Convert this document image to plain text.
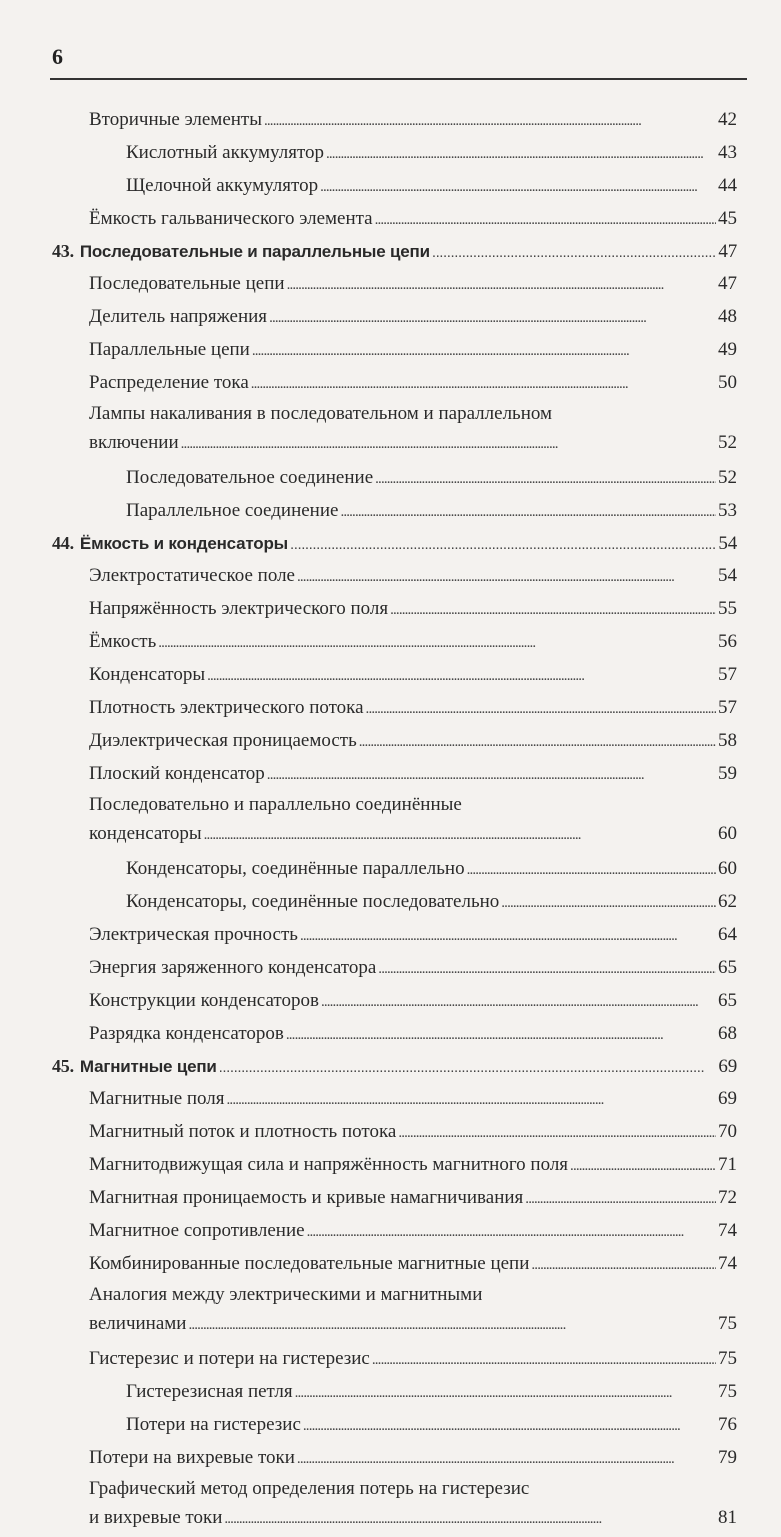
6
Вторичные элементы . . .	42
Кислотный аккумулятор . . .	43
Щелочной аккумулятор . . .	44
Ёмкость гальванического элемента . . .	45
43. Последовательные и параллельные цепи . . .	47
Последовательные цепи . . .	47
Делитель напряжения . . .	48
Параллельные цепи . . .	49
Распределение тока . . .	50
Лампы накаливания в последовательном и параллельном
включении . . .	52
Последовательное соединение . . .	52
Параллельное соединение . . .	53
44. Ёмкость и конденсаторы . . .	54
Электростатическое поле . . .	54
Напряжённость электрического поля . . .	55
Ёмкость . . .	56
Конденсаторы . . .	57
Плотность электрического потока . . .	57
Диэлектрическая проницаемость . . .	58
Плоский конденсатор . . .	59
Последовательно и параллельно соединённые
конденсаторы . . .	60
Конденсаторы, соединённые параллельно . . .	60
Конденсаторы, соединённые последовательно . . .	62
Электрическая прочность . . .	64
Энергия заряженного конденсатора . . .	65
Конструкции конденсаторов . . .	65
Разрядка конденсаторов . . .	68
45. Магнитные цепи . . .	69
Магнитные поля . . .	69
Магнитный поток и плотность потока . . .	70
Магнитодвижущая сила и напряжённость магнитного поля . . .	71
Магнитная проницаемость и кривые намагничивания . . .	72
Магнитное сопротивление . . .	74
Комбинированные последовательные магнитные цепи . . .	74
Аналогия между электрическими и магнитными
величинами . . .	75
Гистерезис и потери на гистерезис . . .	75
Гистерезисная петля . . .	75
Потери на гистерезис . . .	76
Потери на вихревые токи . . .	79
Графический метод определения потерь на гистерезис
и вихревые токи . . .	81
